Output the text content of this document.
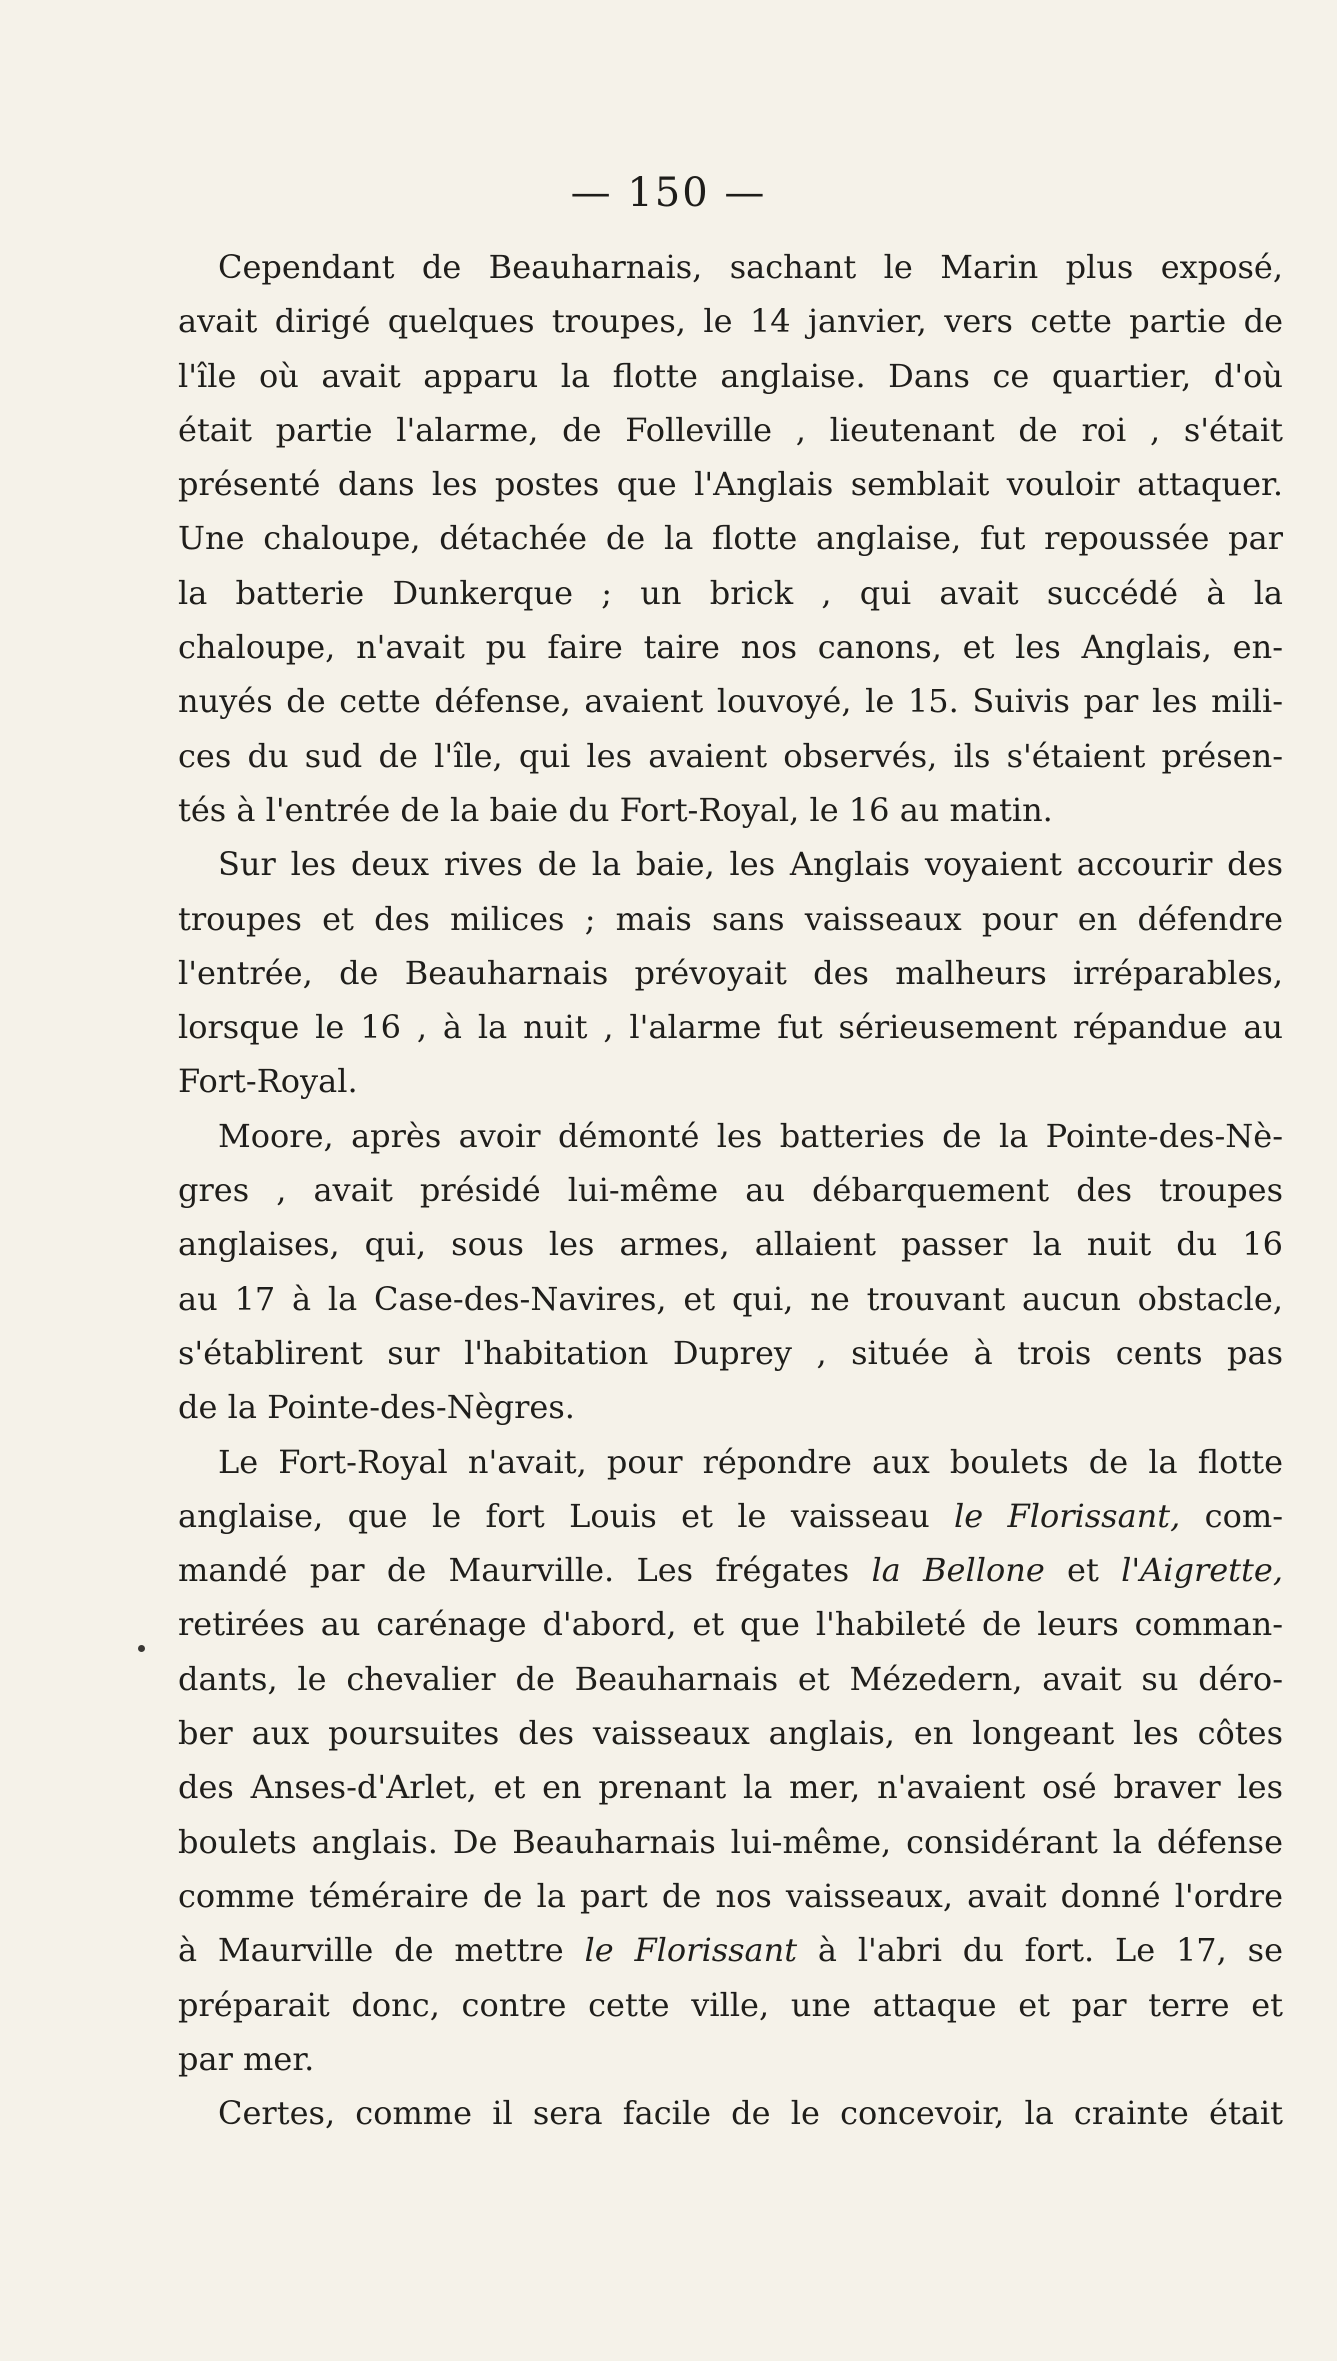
— 150 —
Cependant de Beauharnais, sachant le Marin plus exposé,
avait dirigé quelques troupes, le 14 janvier, vers cette partie de
l'île où avait apparu la flotte anglaise. Dans ce quartier, d'où
était partie l'alarme, de Folleville , lieutenant de roi , s'était
présenté dans les postes que l'Anglais semblait vouloir attaquer.
Une chaloupe, détachée de la flotte anglaise, fut repoussée par
la batterie Dunkerque ; un brick , qui avait succédé à la
chaloupe, n'avait pu faire taire nos canons, et les Anglais, en-
nuyés de cette défense, avaient louvoyé, le 15. Suivis par les mili-
ces du sud de l'île, qui les avaient observés, ils s'étaient présen-
tés à l'entrée de la baie du Fort-Royal, le 16 au matin.
Sur les deux rives de la baie, les Anglais voyaient accourir des
troupes et des milices ; mais sans vaisseaux pour en défendre
l'entrée, de Beauharnais prévoyait des malheurs irréparables,
lorsque le 16 , à la nuit , l'alarme fut sérieusement répandue au
Fort-Royal.
Moore, après avoir démonté les batteries de la Pointe-des-Nè-
gres , avait présidé lui-même au débarquement des troupes
anglaises, qui, sous les armes, allaient passer la nuit du 16
au 17 à la Case-des-Navires, et qui, ne trouvant aucun obstacle,
s'établirent sur l'habitation Duprey , située à trois cents pas
de la Pointe-des-Nègres.
Le Fort-Royal n'avait, pour répondre aux boulets de la flotte
anglaise, que le fort Louis et le vaisseau le Florissant, com-
mandé par de Maurville. Les frégates la Bellone et l'Aigrette,
retirées au carénage d'abord, et que l'habileté de leurs comman-
dants, le chevalier de Beauharnais et Mézedern, avait su déro-
ber aux poursuites des vaisseaux anglais, en longeant les côtes
des Anses-d'Arlet, et en prenant la mer, n'avaient osé braver les
boulets anglais. De Beauharnais lui-même, considérant la défense
comme téméraire de la part de nos vaisseaux, avait donné l'ordre
à Maurville de mettre le Florissant à l'abri du fort. Le 17, se
préparait donc, contre cette ville, une attaque et par terre et
par mer.
Certes, comme il sera facile de le concevoir, la crainte était
